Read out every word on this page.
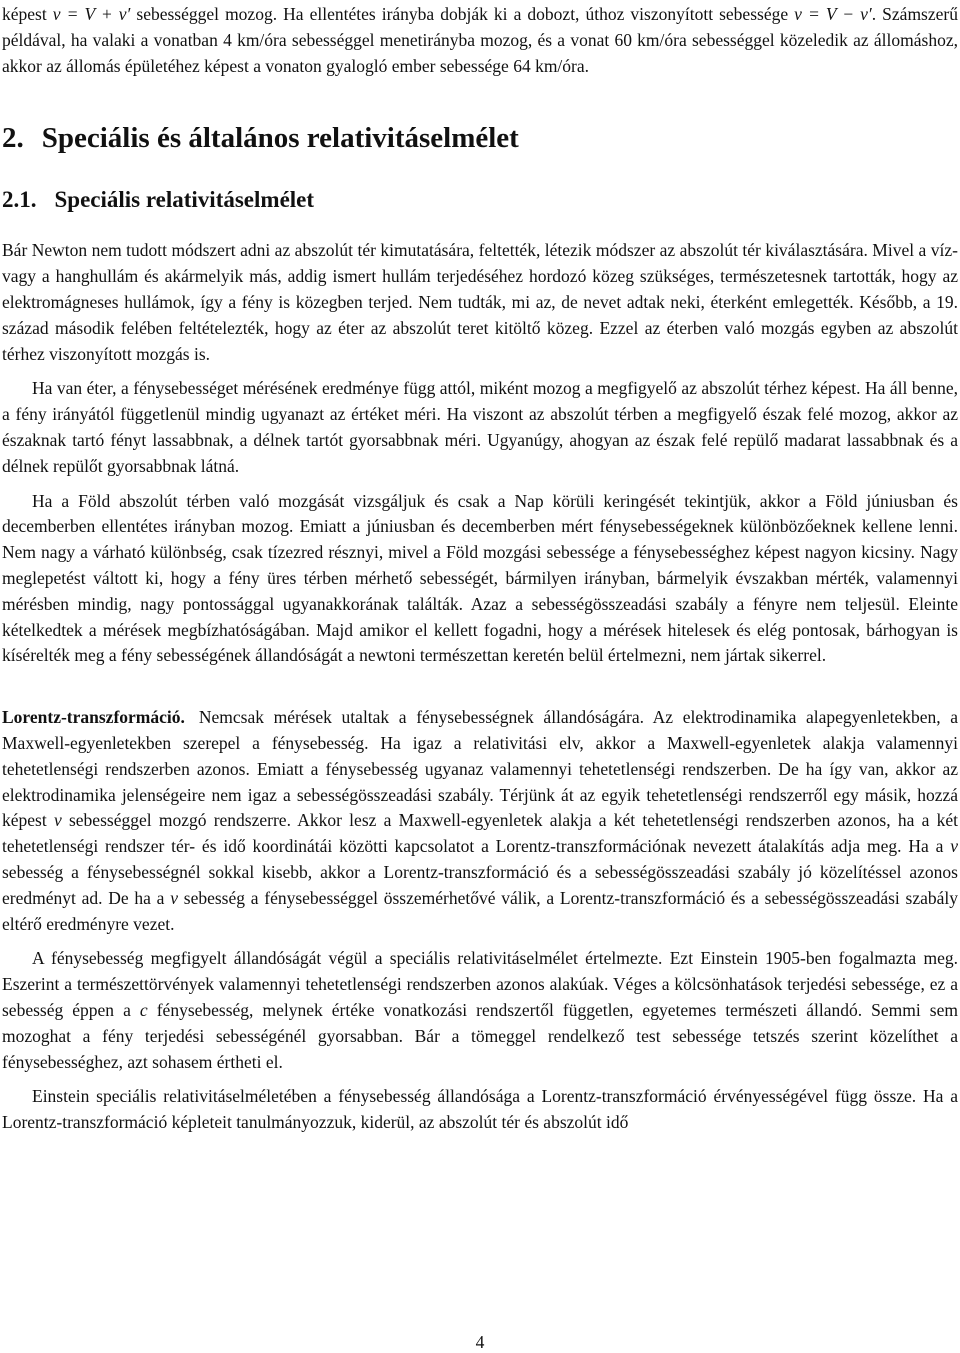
képest v = V + v′ sebességgel mozog. Ha ellentétes irányba dobják ki a dobozt, úthoz viszonyított sebessége v = V − v′. Számszerű példával, ha valaki a vonatban 4 km/óra sebességgel menetirányba mozog, és a vonat 60 km/óra sebességgel közeledik az állomáshoz, akkor az állomás épületéhez képest a vonaton gyalogló ember sebessége 64 km/óra.

2. Speciális és általános relativitáselmélet
2.1. Speciális relativitáselmélet

Bár Newton nem tudott módszert adni az abszolút tér kimutatására, feltették, létezik módszer az abszolút tér kiválasztására. Mivel a víz- vagy a hanghullám és akármelyik más, addig ismert hullám terjedéséhez hordozó közeg szükséges, természetesnek tartották, hogy az elektromágneses hullámok, így a fény is közegben terjed. Nem tudták, mi az, de nevet adtak neki, éterként emlegették. Később, a 19. század második felében feltételezték, hogy az éter az abszolút teret kitöltő közeg. Ezzel az éterben való mozgás egyben az abszolút térhez viszonyított mozgás is.

Ha van éter, a fénysebességet mérésének eredménye függ attól, miként mozog a megfigyelő az abszolút térhez képest. Ha áll benne, a fény irányától függetlenül mindig ugyanazt az értéket méri. Ha viszont az abszolút térben a megfigyelő észak felé mozog, akkor az északnak tartó fényt lassabbnak, a délnek tartót gyorsabbnak méri. Ugyanúgy, ahogyan az észak felé repülő madarat lassabbnak és a délnek repülőt gyorsabbnak látná.

Ha a Föld abszolút térben való mozgását vizsgáljuk és csak a Nap körüli keringését tekintjük, akkor a Föld júniusban és decemberben ellentétes irányban mozog. Emiatt a júniusban és decemberben mért fénysebességeknek különbözőeknek kellene lenni. Nem nagy a várható különbség, csak tízezred résznyi, mivel a Föld mozgási sebessége a fénysebességhez képest nagyon kicsiny. Nagy meglepetést váltott ki, hogy a fény üres térben mérhető sebességét, bármilyen irányban, bármelyik évszakban mérték, valamennyi mérésben mindig, nagy pontossággal ugyanakkorának találták. Azaz a sebességösszeadási szabály a fényre nem teljesül. Eleinte kételkedtek a mérések megbízhatóságában. Majd amikor el kellett fogadni, hogy a mérések hitelesek és elég pontosak, bárhogyan is kísérelték meg a fény sebességének állandóságát a newtoni természettan keretén belül értelmezni, nem jártak sikerrel.

Lorentz-transzformáció. Nemcsak mérések utaltak a fénysebességnek állandóságára. Az elektrodinamika alapegyenletekben, a Maxwell-egyenletekben szerepel a fénysebesség. Ha igaz a relativitási elv, akkor a Maxwell-egyenletek alakja valamennyi tehetetlenségi rendszerben azonos. Emiatt a fénysebesség ugyanaz valamennyi tehetetlenségi rendszerben. De ha így van, akkor az elektrodinamika jelenségeire nem igaz a sebességösszeadási szabály. Térjünk át az egyik tehetetlenségi rendszerről egy másik, hozzá képest v sebességgel mozgó rendszerre. Akkor lesz a Maxwell-egyenletek alakja a két tehetetlenségi rendszerben azonos, ha a két tehetetlenségi rendszer tér- és idő koordinátái közötti kapcsolatot a Lorentz-transzformációnak nevezett átalakítás adja meg. Ha a v sebesség a fénysebességnél sokkal kisebb, akkor a Lorentz-transzformáció és a sebességösszeadási szabály jó közelítéssel azonos eredményt ad. De ha a v sebesség a fénysebességgel összemérhetővé válik, a Lorentz-transzformáció és a sebességösszeadási szabály eltérő eredményre vezet.

A fénysebesség megfigyelt állandóságát végül a speciális relativitáselmélet értelmezte. Ezt Einstein 1905-ben fogalmazta meg. Eszerint a természettörvények valamennyi tehetetlenségi rendszerben azonos alakúak. Véges a kölcsönhatások terjedési sebessége, ez a sebesség éppen a c fénysebesség, melynek értéke vonatkozási rendszertől független, egyetemes természeti állandó. Semmi sem mozoghat a fény terjedési sebességénél gyorsabban. Bár a tömeggel rendelkező test sebessége tetszés szerint közelíthet a fénysebességhez, azt sohasem értheti el.

Einstein speciális relativitáselméletében a fénysebesség állandósága a Lorentz-transzformáció érvényességével függ össze. Ha a Lorentz-transzformáció képleteit tanulmányozzuk, kiderül, az abszolút tér és abszolút idő

4
